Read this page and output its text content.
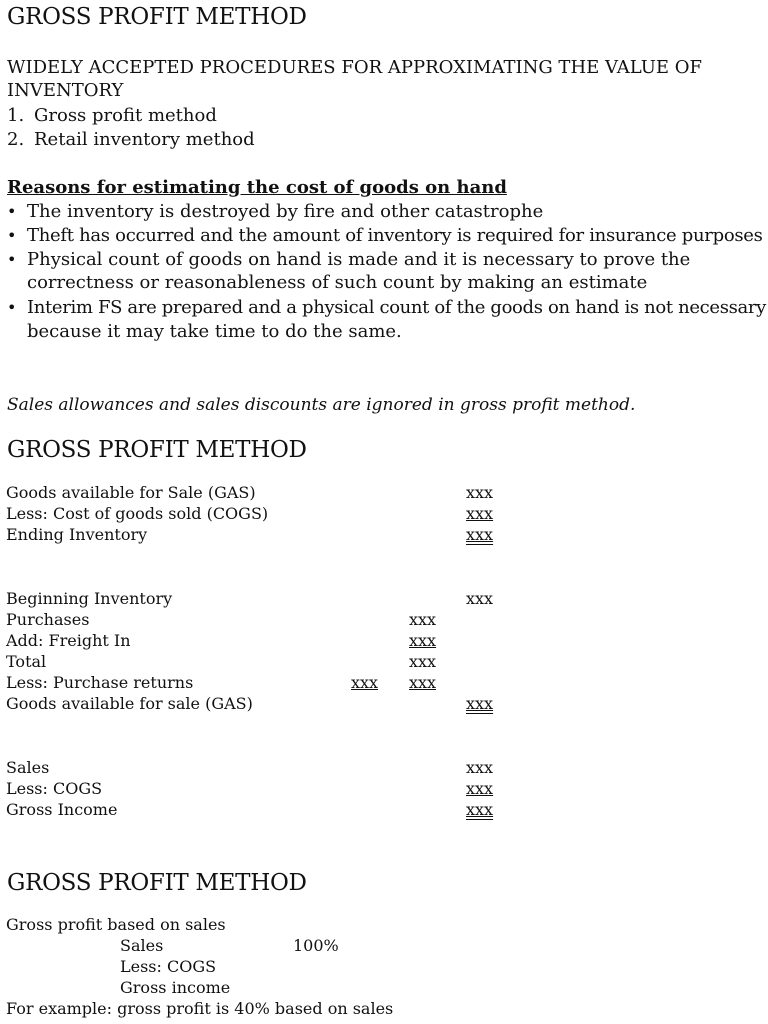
GROSS PROFIT METHOD
WIDELY ACCEPTED PROCEDURES FOR APPROXIMATING THE VALUE OF
INVENTORY
1. Gross profit method
2. Retail inventory method
Reasons for estimating the cost of goods on hand
• The inventory is destroyed by fire and other catastrophe
• Theft has occurred and the amount of inventory is required for insurance purposes
• Physical count of goods on hand is made and it is necessary to prove the
correctness or reasonableness of such count by making an estimate
• Interim FS are prepared and a physical count of the goods on hand is not necessary
because it may take time to do the same.
Sales allowances and sales discounts are ignored in gross profit method.
GROSS PROFIT METHOD
Goods available for Sale (GAS)	xxx
Less: Cost of goods sold (COGS)	xxx
Ending Inventory	xxx
Beginning Inventory	xxx
Purchases	xxx
Add: Freight In	xxx
Total	xxx
Less: Purchase returns	xxx xxx
Goods available for sale (GAS)	xxx
Sales	xxx
Less: COGS	xxx
Gross Income	xxx
GROSS PROFIT METHOD
Gross profit based on sales
Sales	100%
Less: COGS
Gross income
For example: gross profit is 40% based on sales
